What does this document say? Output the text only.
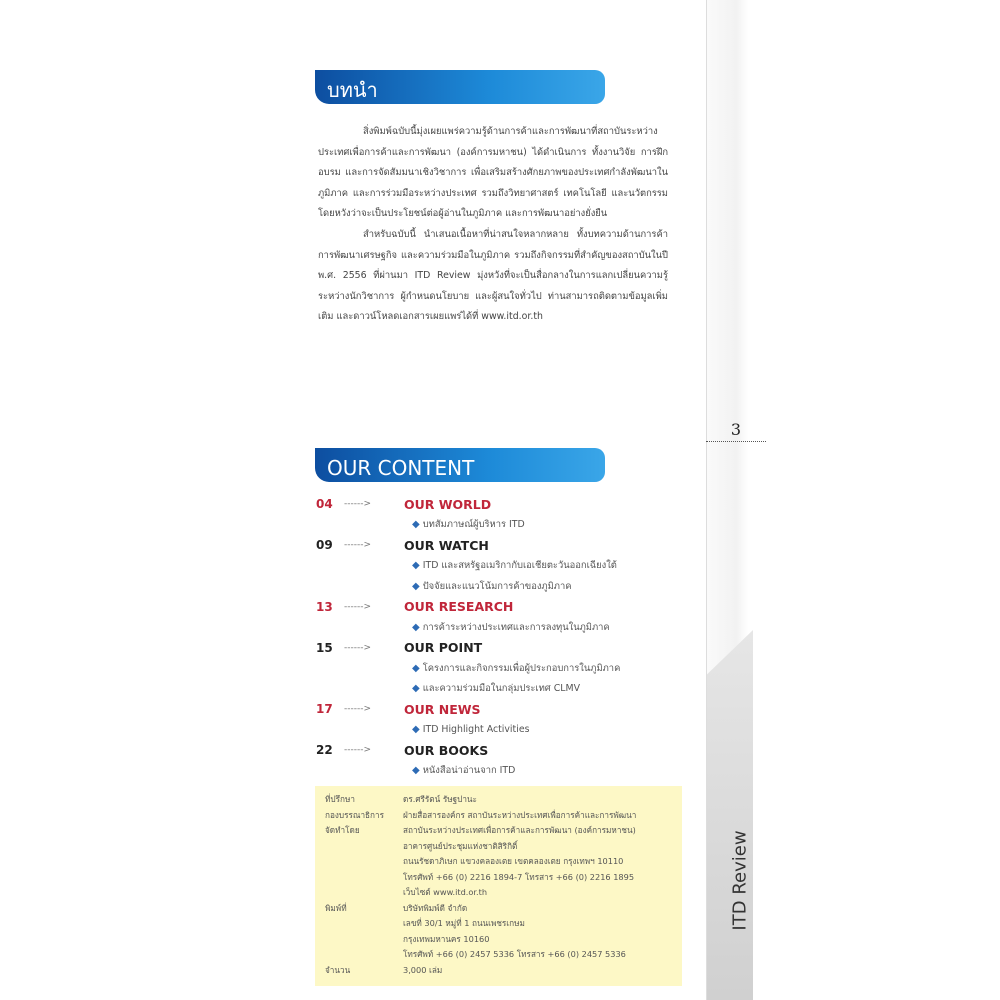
3
ITD Review
บทนำ

สิ่งพิมพ์ฉบับนี้มุ่งเผยแพร่ความรู้ด้านการค้าและการพัฒนาที่สถาบันระหว่างประเทศเพื่อการค้าและการพัฒนา (องค์การมหาชน) ได้ดำเนินการ ทั้งงานวิจัย การฝึกอบรม และการจัดสัมมนาเชิงวิชาการ เพื่อเสริมสร้างศักยภาพของประเทศกำลังพัฒนาในภูมิภาค และการร่วมมือระหว่างประเทศ รวมถึงวิทยาศาสตร์ เทคโนโลยี และนวัตกรรม โดยหวังว่าจะเป็นประโยชน์ต่อผู้อ่านในภูมิภาค และการพัฒนาอย่างยั่งยืน

สำหรับฉบับนี้ นำเสนอเนื้อหาที่น่าสนใจหลากหลาย ทั้งบทความด้านการค้า การพัฒนาเศรษฐกิจ และความร่วมมือในภูมิภาค รวมถึงกิจกรรมที่สำคัญของสถาบันในปี พ.ศ. 2556 ที่ผ่านมา ITD Review มุ่งหวังที่จะเป็นสื่อกลางในการแลกเปลี่ยนความรู้ ระหว่างนักวิชาการ ผู้กำหนดนโยบาย และผู้สนใจทั่วไป ท่านสามารถติดตามข้อมูลเพิ่มเติม และดาวน์โหลดเอกสารเผยแพร่ได้ที่ www.itd.or.th

OUR CONTENT
04	------>	OUR WORLD
◆ บทสัมภาษณ์ผู้บริหาร ITD
09	------>	OUR WATCH
◆ ITD และสหรัฐอเมริกากับเอเชียตะวันออกเฉียงใต้
◆ ปัจจัยและแนวโน้มการค้าของภูมิภาค
13	------>	OUR RESEARCH
◆ การค้าระหว่างประเทศและการลงทุนในภูมิภาค
15	------>	OUR POINT
◆ โครงการและกิจกรรมเพื่อผู้ประกอบการในภูมิภาค
◆ และความร่วมมือในกลุ่มประเทศ CLMV
17	------>	OUR NEWS
◆ ITD Highlight Activities
22	------>	OUR BOOKS
◆ หนังสือน่าอ่านจาก ITD
ที่ปรึกษา	ดร.ศรีรัตน์ รัษฐปานะ
กองบรรณาธิการ	ฝ่ายสื่อสารองค์กร สถาบันระหว่างประเทศเพื่อการค้าและการพัฒนา
จัดทำโดย	สถาบันระหว่างประเทศเพื่อการค้าและการพัฒนา (องค์การมหาชน)
อาคารศูนย์ประชุมแห่งชาติสิริกิติ์
ถนนรัชดาภิเษก แขวงคลองเตย เขตคลองเตย กรุงเทพฯ 10110
โทรศัพท์ +66 (0) 2216 1894-7 โทรสาร +66 (0) 2216 1895
เว็บไซต์ www.itd.or.th
พิมพ์ที่	บริษัทพิมพ์ดี จำกัด
เลขที่ 30/1 หมู่ที่ 1 ถนนเพชรเกษม
กรุงเทพมหานคร 10160
โทรศัพท์ +66 (0) 2457 5336 โทรสาร +66 (0) 2457 5336
จำนวน	3,000 เล่ม
